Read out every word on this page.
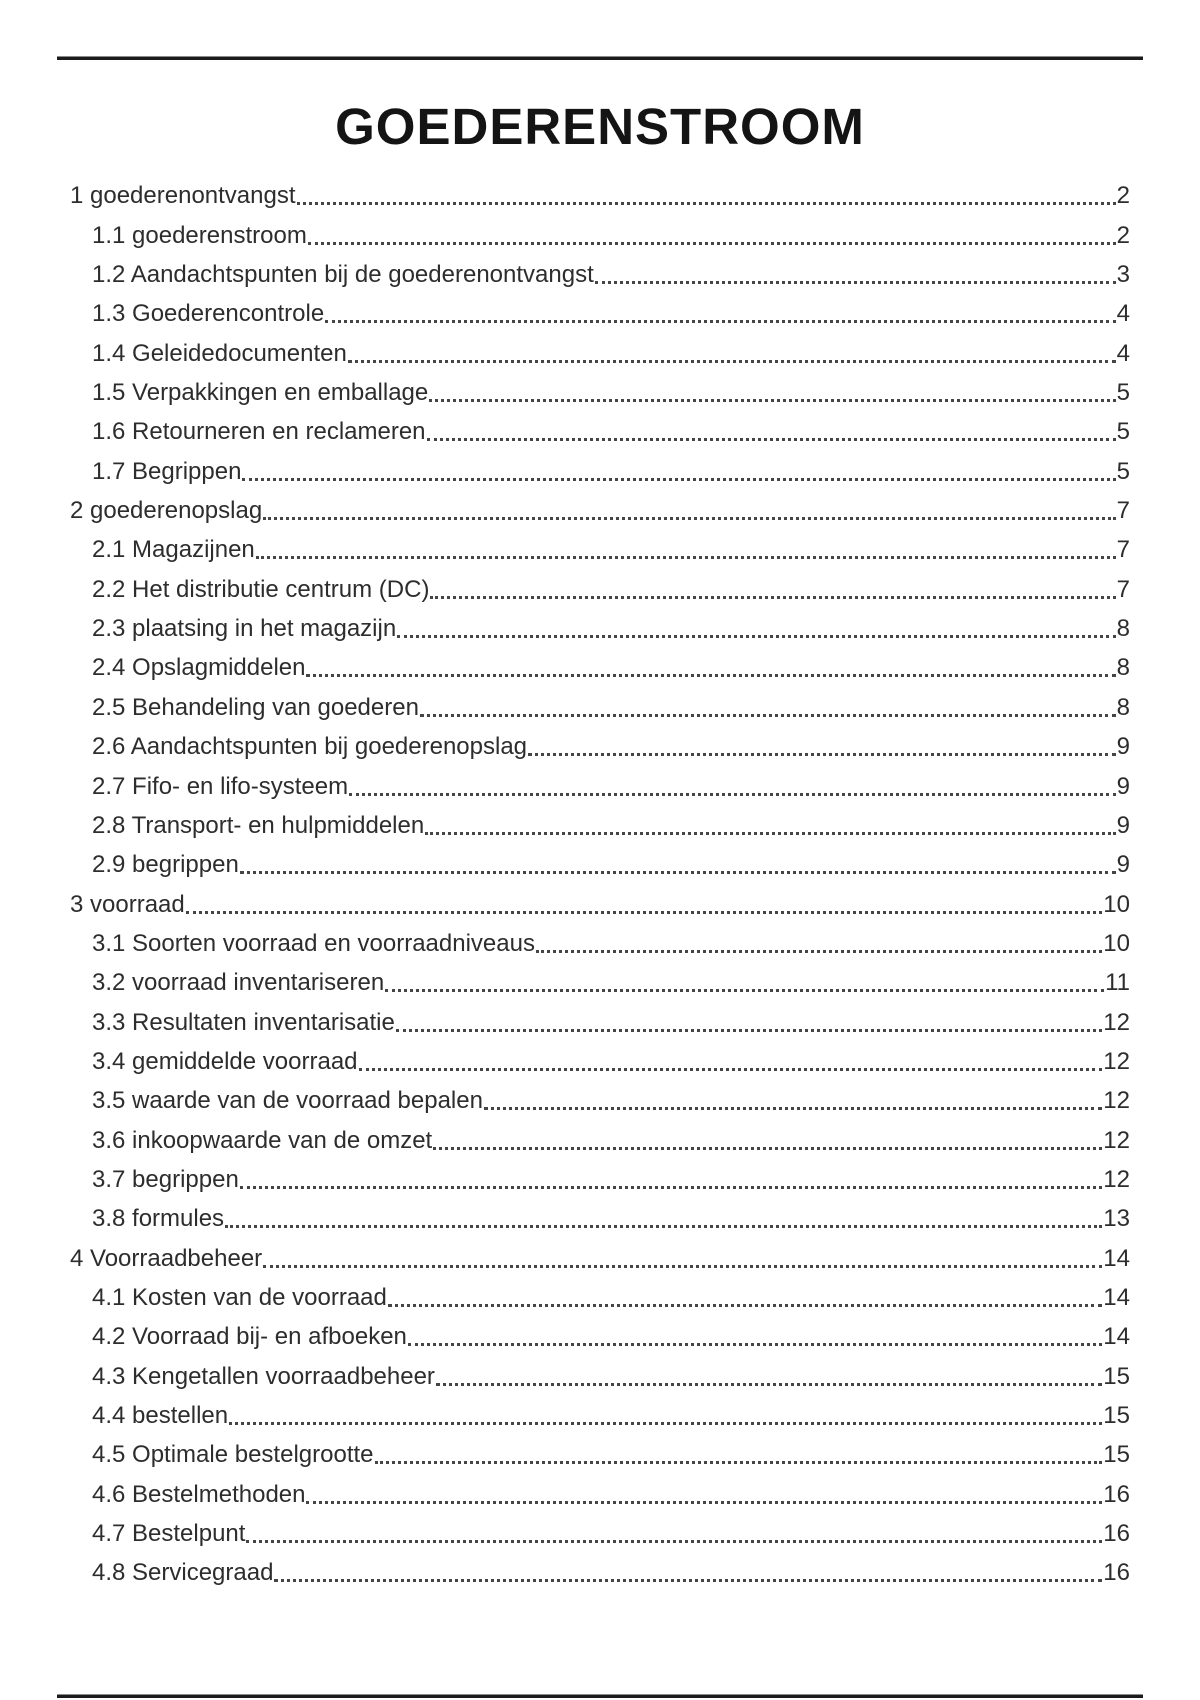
GOEDERENSTROOM
1 goederenontvangst	2
1.1 goederenstroom	2
1.2 Aandachtspunten bij de goederenontvangst	3
1.3 Goederencontrole	4
1.4 Geleidedocumenten	4
1.5 Verpakkingen en emballage	5
1.6 Retourneren en reclameren	5
1.7 Begrippen	5
2 goederenopslag	7
2.1 Magazijnen	7
2.2 Het distributie centrum (DC)	7
2.3 plaatsing in het magazijn	8
2.4 Opslagmiddelen	8
2.5 Behandeling van goederen	8
2.6 Aandachtspunten bij goederenopslag	9
2.7 Fifo- en lifo-systeem	9
2.8 Transport- en hulpmiddelen	9
2.9 begrippen	9
3 voorraad	10
3.1 Soorten voorraad en voorraadniveaus	10
3.2 voorraad inventariseren	11
3.3 Resultaten inventarisatie	12
3.4 gemiddelde voorraad	12
3.5 waarde van de voorraad bepalen	12
3.6 inkoopwaarde van de omzet	12
3.7 begrippen	12
3.8 formules	13
4 Voorraadbeheer	14
4.1 Kosten van de voorraad	14
4.2 Voorraad bij- en afboeken	14
4.3 Kengetallen voorraadbeheer	15
4.4 bestellen	15
4.5 Optimale bestelgrootte	15
4.6 Bestelmethoden	16
4.7 Bestelpunt	16
4.8 Servicegraad	16
